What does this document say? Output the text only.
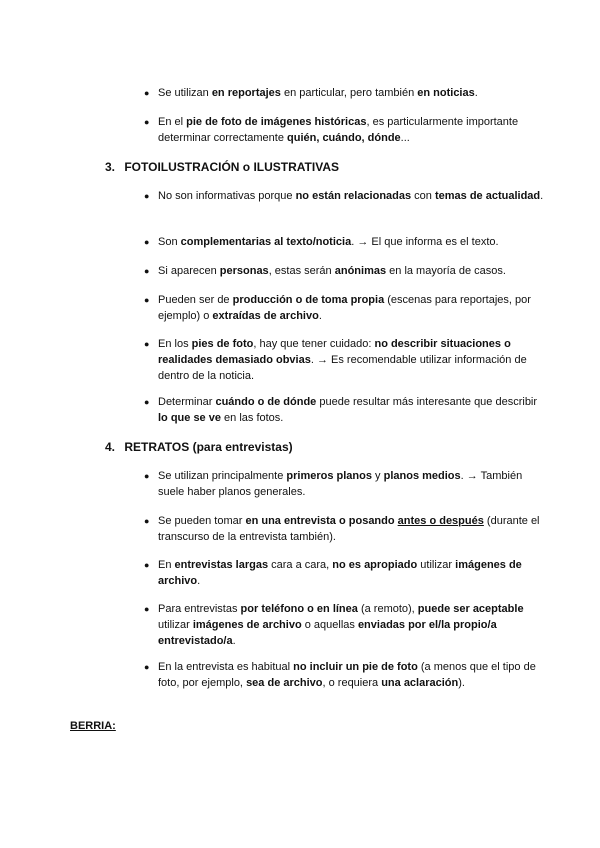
● Se utilizan en reportajes en particular, pero también en noticias.
● En el pie de foto de imágenes históricas, es particularmente importante determinar correctamente quién, cuándo, dónde...
3. FOTOILUSTRACIÓN o ILUSTRATIVAS
● No son informativas porque no están relacionadas con temas de actualidad.
● Son complementarias al texto/noticia. → El que informa es el texto.
● Si aparecen personas, estas serán anónimas en la mayoría de casos.
● Pueden ser de producción o de toma propia (escenas para reportajes, por ejemplo) o extraídas de archivo.
● En los pies de foto, hay que tener cuidado: no describir situaciones o realidades demasiado obvias. → Es recomendable utilizar información de dentro de la noticia.
● Determinar cuándo o de dónde puede resultar más interesante que describir lo que se ve en las fotos.
4. RETRATOS (para entrevistas)
● Se utilizan principalmente primeros planos y planos medios. → También suele haber planos generales.
● Se pueden tomar en una entrevista o posando antes o después (durante el transcurso de la entrevista también).
● En entrevistas largas cara a cara, no es apropiado utilizar imágenes de archivo.
● Para entrevistas por teléfono o en línea (a remoto), puede ser aceptable utilizar imágenes de archivo o aquellas enviadas por el/la propio/a entrevistado/a.
● En la entrevista es habitual no incluir un pie de foto (a menos que el tipo de foto, por ejemplo, sea de archivo, o requiera una aclaración).
BERRIA:
